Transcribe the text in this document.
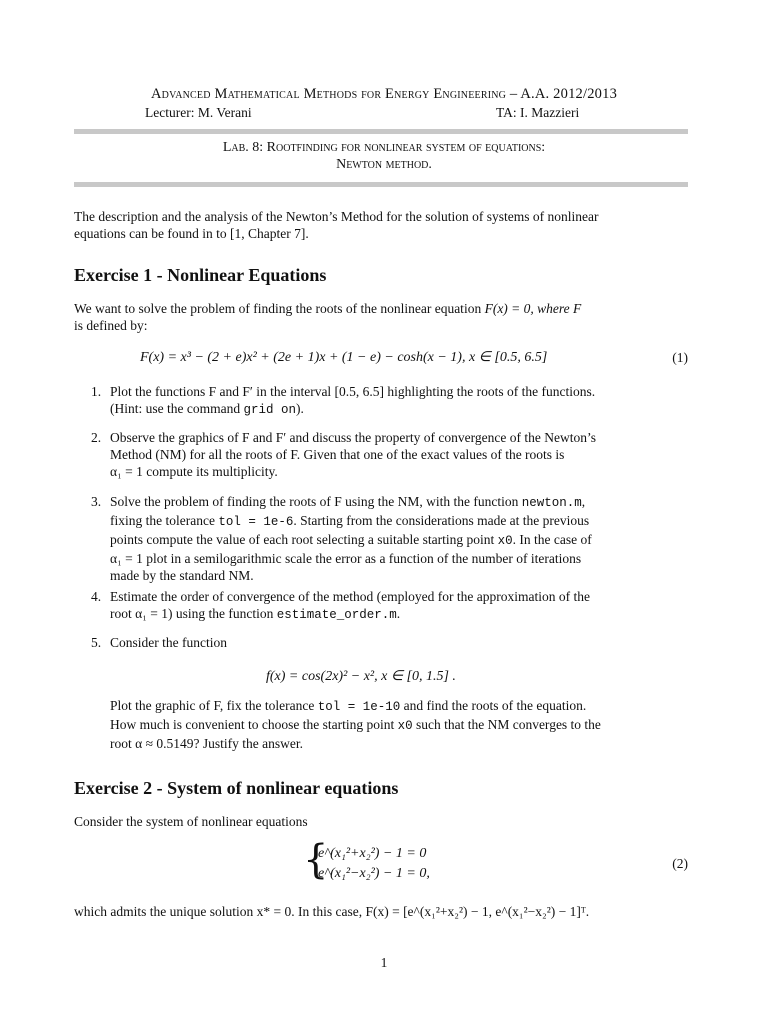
Advanced Mathematical Methods for Energy Engineering – A.A. 2012/2013
Lecturer: M. Verani	TA: I. Mazzieri
Lab. 8: Rootfinding for nonlinear system of equations:
Newton method.
The description and the analysis of the Newton’s Method for the solution of systems of nonlinear
equations can be found in to [1, Chapter 7].
Exercise 1 - Nonlinear Equations
We want to solve the problem of finding the roots of the nonlinear equation F(x) = 0, where F
is defined by:
F(x) = x³ − (2 + e)x² + (2e + 1)x + (1 − e) − cosh(x − 1), x ∈ [0.5, 6.5]	(1)
1. Plot the functions F and F′ in the interval [0.5, 6.5] highlighting the roots of the functions.
(Hint: use the command grid on).
2. Observe the graphics of F and F′ and discuss the property of convergence of the Newton’s
Method (NM) for all the roots of F. Given that one of the exact values of the roots is
α₁ = 1 compute its multiplicity.
3. Solve the problem of finding the roots of F using the NM, with the function newton.m,
fixing the tolerance tol = 1e-6. Starting from the considerations made at the previous
points compute the value of each root selecting a suitable starting point x0. In the case of
α₁ = 1 plot in a semilogarithmic scale the error as a function of the number of iterations
made by the standard NM.
4. Estimate the order of convergence of the method (employed for the approximation of the
root α₁ = 1) using the function estimate_order.m.
5. Consider the function
f(x) = cos(2x)² − x², x ∈ [0, 1.5] .
Plot the graphic of F, fix the tolerance tol = 1e-10 and find the roots of the equation.
How much is convenient to choose the starting point x0 such that the NM converges to the
root α ≈ 0.5149? Justify the answer.
Exercise 2 - System of nonlinear equations
Consider the system of nonlinear equations
{
e^(x₁²+x₂²) − 1 = 0
e^(x₁²−x₂²) − 1 = 0,
(2)
which admits the unique solution x* = 0. In this case, F(x) = [e^(x₁²+x₂²) − 1, e^(x₁²−x₂²) − 1]ᵀ.
1
